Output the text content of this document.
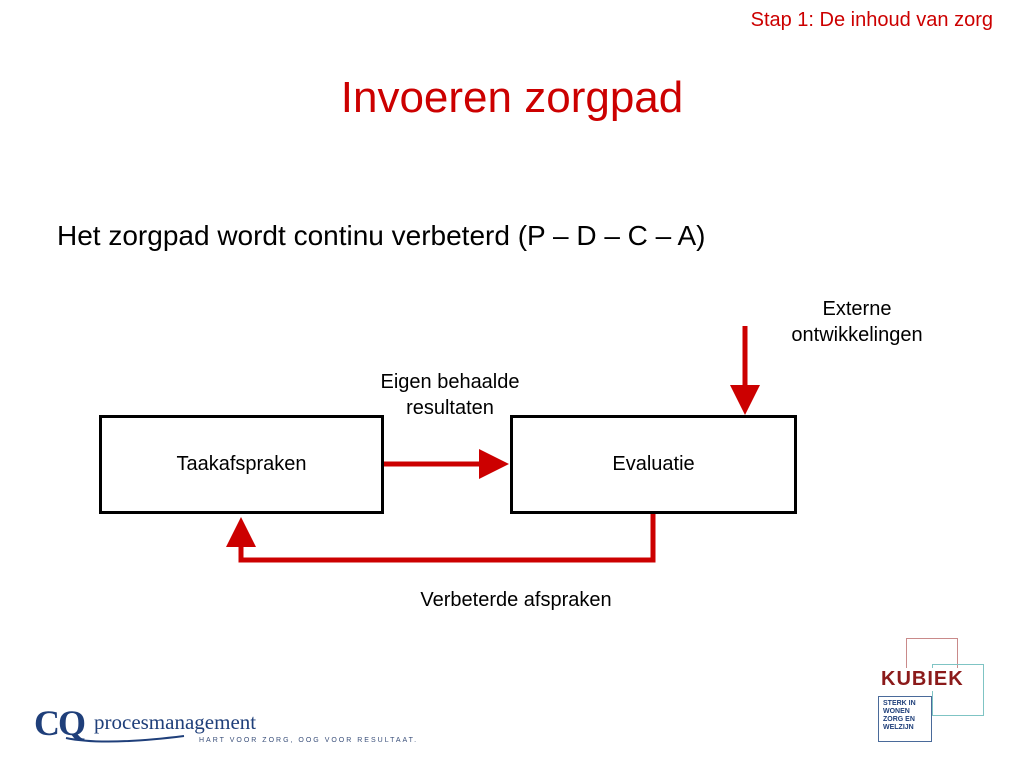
Stap 1: De inhoud van zorg
Invoeren zorgpad
Het zorgpad wordt continu verbeterd (P – D – C – A)
Taakafspraken	Evaluatie
Eigen behaalde
resultaten
Verbeterde afspraken
Externe
ontwikkelingen
CQ procesmanagement
HART VOOR ZORG, OOG VOOR RESULTAAT.
KUBIEK
STERK IN
WONEN
ZORG EN
WELZIJN
